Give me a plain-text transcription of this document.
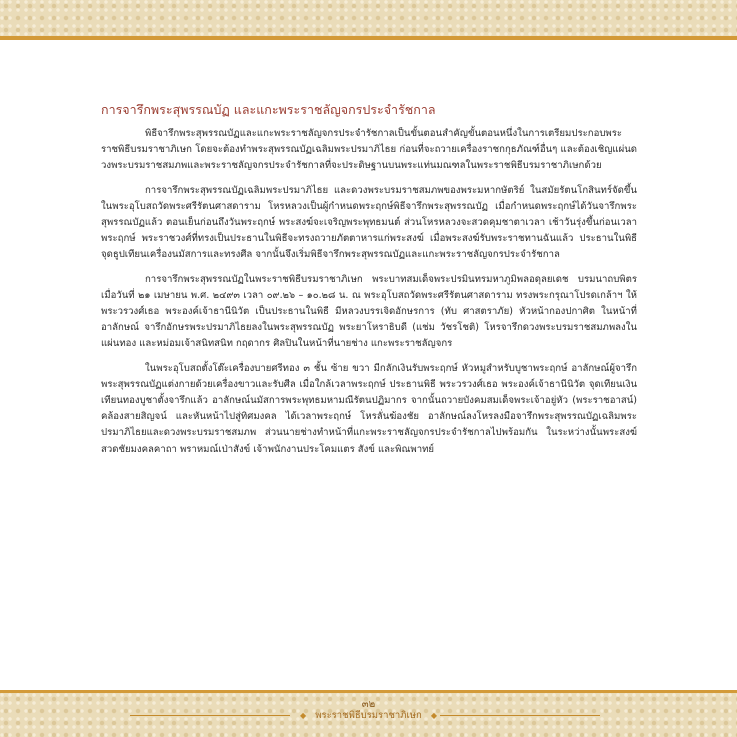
การจารึกพระสุพรรณบัฏ และแกะพระราชลัญจกรประจำรัชกาล

พิธีจารึกพระสุพรรณบัฏและแกะพระราชลัญจกรประจำรัชกาลเป็นขั้นตอนสำคัญขั้นตอนหนึ่งในการเตรียมประกอบพระราชพิธีบรมราชาภิเษก โดยจะต้องทำพระสุพรรณบัฏเฉลิมพระปรมาภิไธย ก่อนที่จะถวายเครื่องราชกกุธภัณฑ์อื่นๆ และต้องเชิญแผ่นดวงพระบรมราชสมภพและพระราชลัญจกรประจำรัชกาลที่จะประดิษฐานบนพระแท่นมณฑลในพระราชพิธีบรมราชาภิเษกด้วย

การจารึกพระสุพรรณบัฏเฉลิมพระปรมาภิไธย และดวงพระบรมราชสมภพของพระมหากษัตริย์ ในสมัยรัตนโกสินทร์จัดขึ้นในพระอุโบสถวัดพระศรีรัตนศาสดาราม โหรหลวงเป็นผู้กำหนดพระฤกษ์พิธีจารึกพระสุพรรณบัฏ เมื่อกำหนดพระฤกษ์ได้วันจารึกพระสุพรรณบัฏแล้ว ตอนเย็นก่อนถึงวันพระฤกษ์ พระสงฆ์จะเจริญพระพุทธมนต์ ส่วนโหรหลวงจะสวดคุมชาตาเวลา เช้าวันรุ่งขึ้นก่อนเวลาพระฤกษ์ พระราชวงศ์ที่ทรงเป็นประธานในพิธีจะทรงถวายภัตตาหารแก่พระสงฆ์ เมื่อพระสงฆ์รับพระราชทานฉันแล้ว ประธานในพิธีจุดธูปเทียนเครื่องนมัสการและทรงศีล จากนั้นจึงเริ่มพิธีจารึกพระสุพรรณบัฏและแกะพระราชลัญจกรประจำรัชกาล

การจารึกพระสุพรรณบัฏในพระราชพิธีบรมราชาภิเษก พระบาทสมเด็จพระปรมินทรมหาภูมิพลอดุลยเดช บรมนาถบพิตร เมื่อวันที่ ๒๑ เมษายน พ.ศ. ๒๔๙๓ เวลา ๐๙.๒๖ – ๑๐.๒๘ น. ณ พระอุโบสถวัดพระศรีรัตนศาสดาราม ทรงพระกรุณาโปรดเกล้าฯ ให้พระวรวงศ์เธอ พระองค์เจ้าธานีนิวัต เป็นประธานในพิธี มีหลวงบรรเจิดอักษรการ (ทับ ศาสตราภัย) หัวหน้ากองปกาศิต ในหน้าที่อาลักษณ์ จารึกอักษรพระปรมาภิไธยลงในพระสุพรรณบัฏ พระยาโหราธิบดี (แช่ม วัชรโชติ) โหรจารึกดวงพระบรมราชสมภพลงในแผ่นทอง และหม่อมเจ้าสนิทสนิท กฤดากร ศิลปินในหน้าที่นายช่าง แกะพระราชลัญจกร

ในพระอุโบสถตั้งโต๊ะเครื่องบายศรีทอง ๓ ชั้น ซ้าย ขวา มีกลักเงินรับพระฤกษ์ หัวหมูสำหรับบูชาพระฤกษ์ อาลักษณ์ผู้จารึกพระสุพรรณบัฏแต่งกายด้วยเครื่องขาวและรับศีล เมื่อใกล้เวลาพระฤกษ์ ประธานพิธี พระวรวงศ์เธอ พระองค์เจ้าธานีนิวัต จุดเทียนเงินเทียนทองบูชาตั้งจารึกแล้ว อาลักษณ์นมัสการพระพุทธมหามณีรัตนปฏิมากร จากนั้นถวายบังคมสมเด็จพระเจ้าอยู่หัว (พระราชอาสน์) คล้องสายสิญจน์ และหันหน้าไปสู่ทิศมงคล ได้เวลาพระฤกษ์ โหรลั่นฆ้องชัย อาลักษณ์ลงโหรลงมือจารึกพระสุพรรณบัฏเฉลิมพระปรมาภิไธยและดวงพระบรมราชสมภพ ส่วนนายช่างทำหน้าที่แกะพระราชลัญจกรประจำรัชกาลไปพร้อมกัน ในระหว่างนั้นพระสงฆ์สวดชัยมงคลคาถา พราหมณ์เป่าสังข์ เจ้าพนักงานประโคมแตร สังข์ และพิณพาทย์

๓๒
◆ พระราชพิธีบรมราชาภิเษก ◆
